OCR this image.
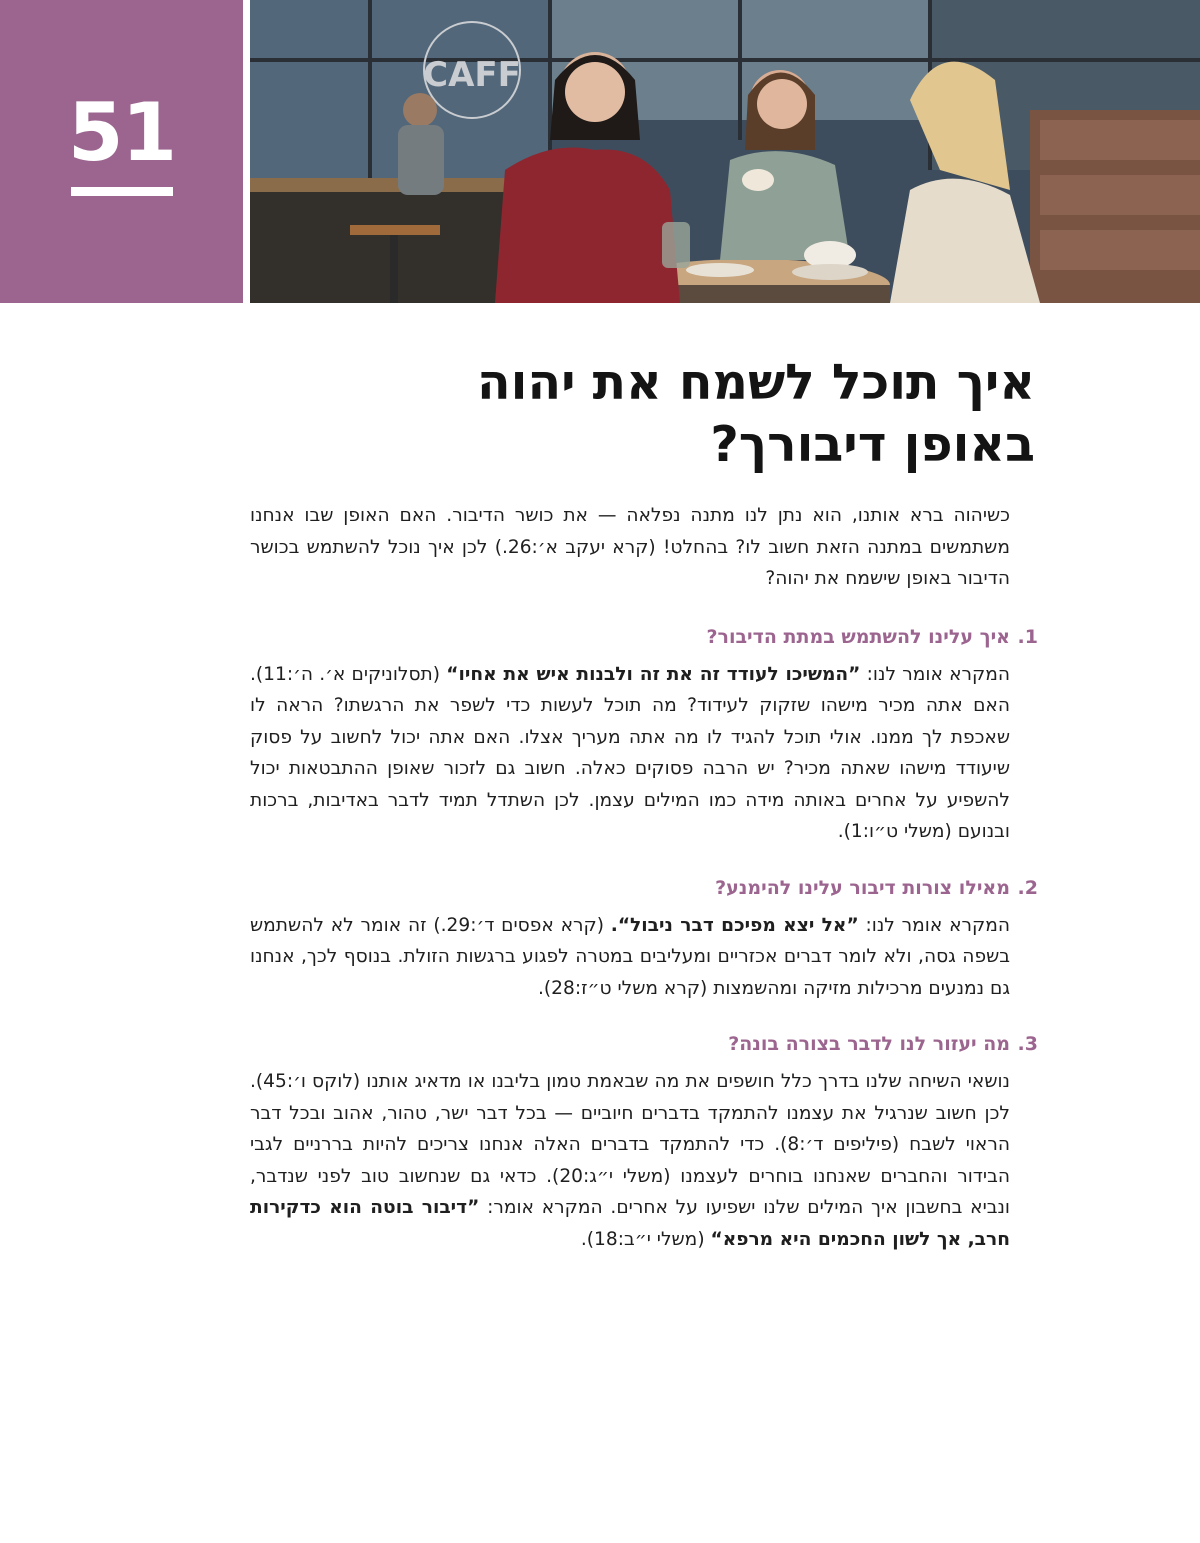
51
CAFF
איך תוכל לשמח את יהוה
באופן דיבורך?

כשיהוה ברא אותנו, הוא נתן לנו מתנה נפלאה — את כושר הדיבור. האם האופן שבו אנחנו משתמשים במתנה הזאת חשוב לו? בהחלט! (קרא יעקב א׳:26.) לכן איך נוכל להשתמש בכושר הדיבור באופן שישמח את יהוה?

1.
איך עלינו להשתמש במתת הדיבור?

המקרא אומר לנו: ”המשיכו לעודד זה את זה ולבנות איש את אחיו“ (תסלוניקים א׳. ה׳:11). האם אתה מכיר מישהו שזקוק לעידוד? מה תוכל לעשות כדי לשפר את הרגשתו? הראה לו שאכפת לך ממנו. אולי תוכל להגיד לו מה אתה מעריך אצלו. האם אתה יכול לחשוב על פסוק שיעודד מישהו שאתה מכיר? יש הרבה פסוקים כאלה. חשוב גם לזכור שאופן ההתבטאות יכול להשפיע על אחרים באותה מידה כמו המילים עצמן. לכן השתדל תמיד לדבר באדיבות, ברכות ובנועם (משלי ט״ו:1).

2.
מאילו צורות דיבור עלינו להימנע?

המקרא אומר לנו: ”אל יצא מפיכם דבר ניבול“. (קרא אפסים ד׳:29.) זה אומר לא להשתמש בשפה גסה, ולא לומר דברים אכזריים ומעליבים במטרה לפגוע ברגשות הזולת. בנוסף לכך, אנחנו גם נמנעים מרכילות מזיקה ומהשמצות (קרא משלי ט״ז:28).

3.
מה יעזור לנו לדבר בצורה בונה?

נושאי השיחה שלנו בדרך כלל חושפים את מה שבאמת טמון בליבנו או מדאיג אותנו (לוקס ו׳:45). לכן חשוב שנרגיל את עצמנו להתמקד בדברים חיוביים — בכל דבר ישר, טהור, אהוב ובכל דבר הראוי לשבח (פיליפים ד׳:8). כדי להתמקד בדברים האלה אנחנו צריכים להיות בררניים לגבי הבידור והחברים שאנחנו בוחרים לעצמנו (משלי י״ג:20). כדאי גם שנחשוב טוב לפני שנדבר, ונביא בחשבון איך המילים שלנו ישפיעו על אחרים. המקרא אומר: ”דיבור בוטה הוא כדקירות חרב, אך לשון החכמים היא מרפא“ (משלי י״ב:18).
